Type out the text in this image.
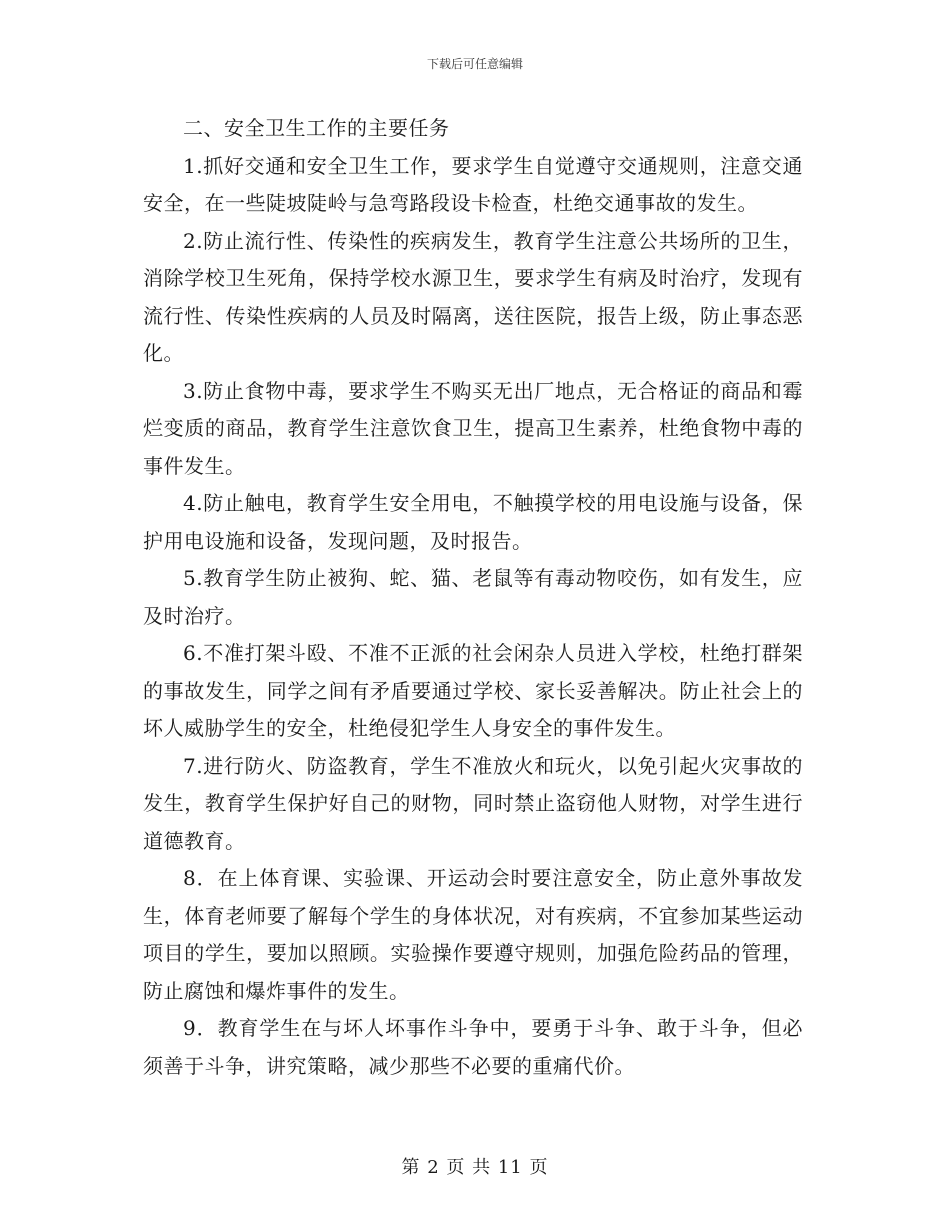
下载后可任意编辑

二、安全卫生工作的主要任务

1.抓好交通和安全卫生工作，要求学生自觉遵守交通规则，注意交通安全，在一些陡坡陡岭与急弯路段设卡检查，杜绝交通事故的发生。

2.防止流行性、传染性的疾病发生，教育学生注意公共场所的卫生，消除学校卫生死角，保持学校水源卫生，要求学生有病及时治疗，发现有流行性、传染性疾病的人员及时隔离，送往医院，报告上级，防止事态恶化。

3.防止食物中毒，要求学生不购买无出厂地点，无合格证的商品和霉烂变质的商品，教育学生注意饮食卫生，提高卫生素养，杜绝食物中毒的事件发生。

4.防止触电，教育学生安全用电，不触摸学校的用电设施与设备，保护用电设施和设备，发现问题，及时报告。

5.教育学生防止被狗、蛇、猫、老鼠等有毒动物咬伤，如有发生，应及时治疗。

6.不准打架斗殴、不准不正派的社会闲杂人员进入学校，杜绝打群架的事故发生，同学之间有矛盾要通过学校、家长妥善解决。防止社会上的坏人威胁学生的安全，杜绝侵犯学生人身安全的事件发生。

7.进行防火、防盗教育，学生不准放火和玩火，以免引起火灾事故的发生，教育学生保护好自己的财物，同时禁止盗窃他人财物，对学生进行道德教育。

8．在上体育课、实验课、开运动会时要注意安全，防止意外事故发生，体育老师要了解每个学生的身体状况，对有疾病，不宜参加某些运动项目的学生，要加以照顾。实验操作要遵守规则，加强危险药品的管理，防止腐蚀和爆炸事件的发生。

9．教育学生在与坏人坏事作斗争中，要勇于斗争、敢于斗争，但必须善于斗争，讲究策略，减少那些不必要的重痛代价。

第 2 页 共 11 页
